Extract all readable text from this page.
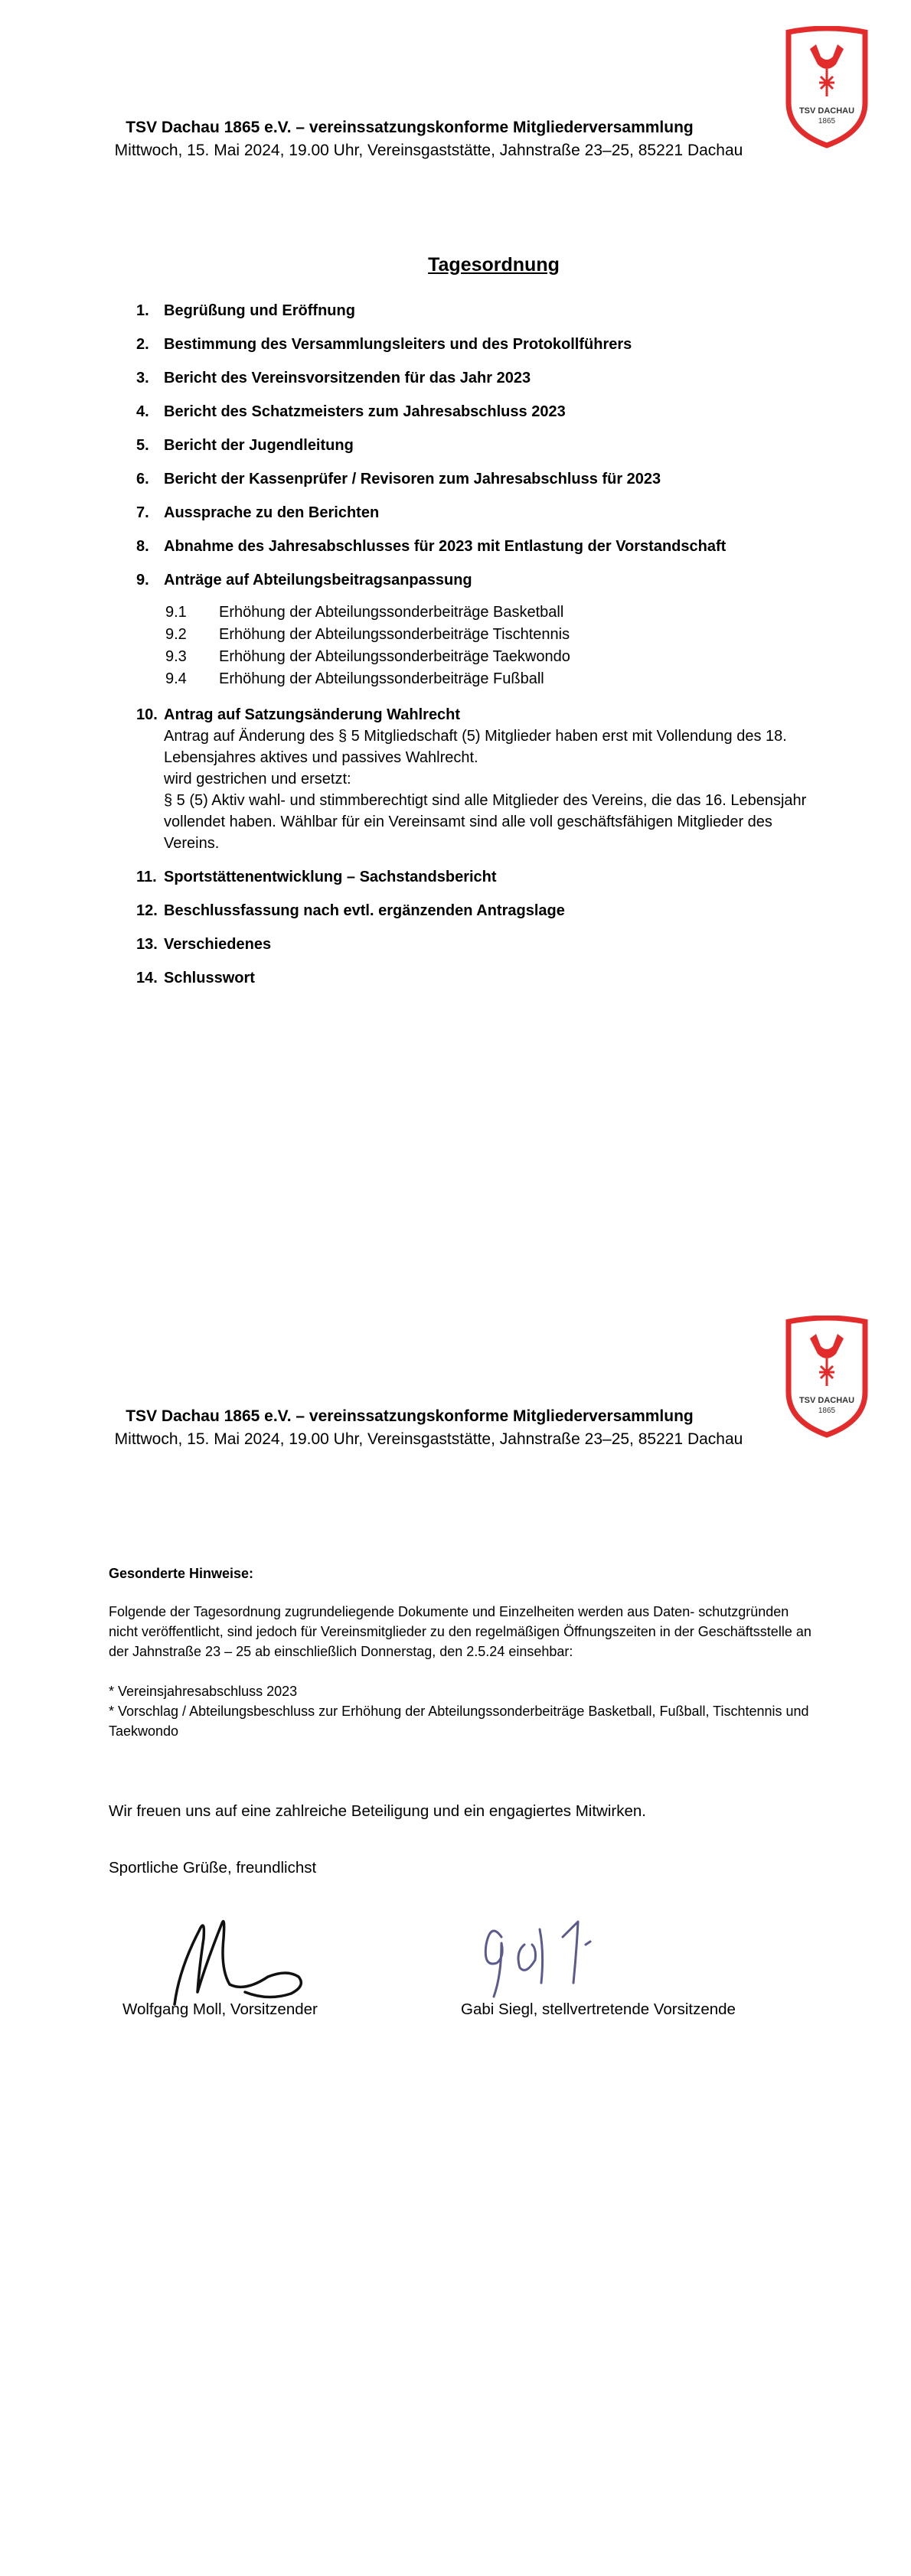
TSV DACHAU
1865
TSV Dachau 1865 e.V. – vereinssatzungskonforme Mitgliederversammlung
Mittwoch, 15. Mai 2024, 19.00 Uhr, Vereinsgaststätte, Jahnstraße 23–25, 85221 Dachau
Tagesordnung
1. Begrüßung und Eröffnung
2. Bestimmung des Versammlungsleiters und des Protokollführers
3. Bericht des Vereinsvorsitzenden für das Jahr 2023
4. Bericht des Schatzmeisters zum Jahresabschluss 2023
5. Bericht der Jugendleitung
6. Bericht der Kassenprüfer / Revisoren zum Jahresabschluss für 2023
7. Aussprache zu den Berichten
8. Abnahme des Jahresabschlusses für 2023 mit Entlastung der Vorstandschaft
9. Anträge auf Abteilungsbeitragsanpassung
9.1 Erhöhung der Abteilungssonderbeiträge Basketball
9.2 Erhöhung der Abteilungssonderbeiträge Tischtennis
9.3 Erhöhung der Abteilungssonderbeiträge Taekwondo
9.4 Erhöhung der Abteilungssonderbeiträge Fußball
10. Antrag auf Satzungsänderung Wahlrecht

Antrag auf Änderung des § 5 Mitgliedschaft (5) Mitglieder haben erst mit Vollendung des 18. Lebensjahres aktives und passives Wahlrecht.

wird gestrichen und ersetzt:

§ 5 (5) Aktiv wahl- und stimmberechtigt sind alle Mitglieder des Vereins, die das 16. Lebensjahr vollendet haben. Wählbar für ein Vereinsamt sind alle voll geschäftsfähigen Mitglieder des Vereins.

11. Sportstättenentwicklung – Sachstandsbericht
12. Beschlussfassung nach evtl. ergänzenden Antragslage
13. Verschiedenes
14. Schlusswort
TSV DACHAU
1865
TSV Dachau 1865 e.V. – vereinssatzungskonforme Mitgliederversammlung
Mittwoch, 15. Mai 2024, 19.00 Uhr, Vereinsgaststätte, Jahnstraße 23–25, 85221 Dachau

Gesonderte Hinweise:

Folgende der Tagesordnung zugrundeliegende Dokumente und Einzelheiten werden aus Daten- schutzgründen nicht veröffentlicht, sind jedoch für Vereinsmitglieder zu den regelmäßigen Öffnungszeiten in der Geschäftsstelle an der Jahnstraße 23 – 25 ab einschließlich Donnerstag, den 2.5.24 einsehbar:

* Vereinsjahresabschluss 2023

* Vorschlag / Abteilungsbeschluss zur Erhöhung der Abteilungssonderbeiträge Basketball, Fußball, Tischtennis und Taekwondo

Wir freuen uns auf eine zahlreiche Beteiligung und ein engagiertes Mitwirken.
Sportliche Grüße, freundlichst
Wolfgang Moll, Vorsitzender	Gabi Siegl, stellvertretende Vorsitzende
